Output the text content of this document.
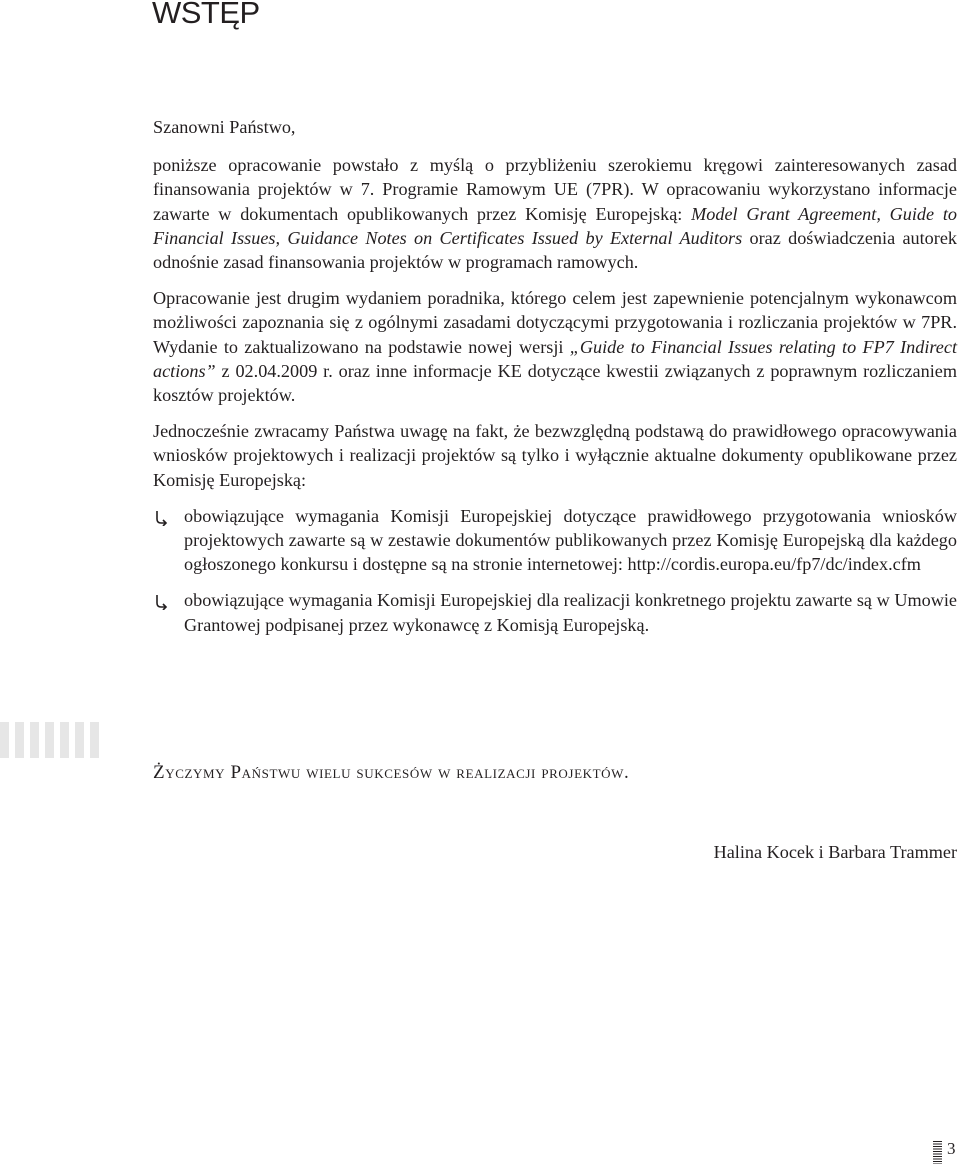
WSTĘP

Szanowni Państwo,

poniższe opracowanie powstało z myślą o przybliżeniu szerokiemu kręgowi zainteresowanych zasad finansowania projektów w 7. Programie Ramowym UE (7PR). W opracowaniu wykorzystano informacje zawarte w dokumentach opublikowanych przez Komisję Europejską: Model Grant Agreement, Guide to Financial Issues, Guidance Notes on Certificates Issued by External Auditors oraz doświadczenia autorek odnośnie zasad finansowania projektów w programach ramowych.

Opracowanie jest drugim wydaniem poradnika, którego celem jest zapewnienie potencjalnym wykonawcom możliwości zapoznania się z ogólnymi zasadami dotyczącymi przygotowania i rozliczania projektów w 7PR. Wydanie to zaktualizowano na podstawie nowej wersji „Guide to Financial Issues relating to FP7 Indirect actions” z 02.04.2009 r. oraz inne informacje KE dotyczące kwestii związanych z poprawnym rozliczaniem kosztów projektów.

Jednocześnie zwracamy Państwa uwagę na fakt, że bezwzględną podstawą do prawidłowego opracowywania wniosków projektowych i realizacji projektów są tylko i wyłącznie aktualne dokumenty opublikowane przez Komisję Europejską:

obowiązujące wymagania Komisji Europejskiej dotyczące prawidłowego przygotowania wniosków projektowych zawarte są w zestawie dokumentów publikowanych przez Komisję Europejską dla każdego ogłoszonego konkursu i dostępne są na stronie internetowej: http://cordis.europa.eu/fp7/dc/index.cfm
obowiązujące wymagania Komisji Europejskiej dla realizacji konkretnego projektu zawarte są w Umowie Grantowej podpisanej przez wykonawcę z Komisją Europejską.

Życzymy Państwu wielu sukcesów w realizacji projektów.

Halina Kocek i Barbara Trammer

3
